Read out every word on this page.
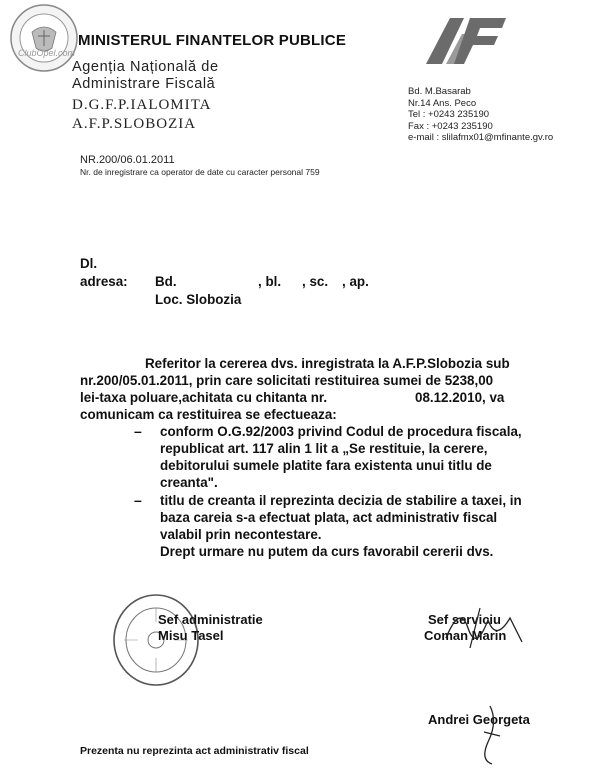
ClubOpel.com
MINISTERUL FINANTELOR PUBLICE
Agenția Națională de
Administrare Fiscală
D.G.F.P.IALOMITA
A.F.P.SLOBOZIA
Bd. M.Basarab
Nr.14 Ans. Peco
Tel : +0243 235190
Fax : +0243 235190
e-mail : slilafmx01@mfinante.gv.ro
NR.200/06.01.2011
Nr. de inregistrare ca operator de date cu caracter personal 759
Dl.
adresa: Bd.	, bl. , sc. , ap.
Loc. Slobozia
Referitor la cererea dvs. inregistrata la A.F.P.Slobozia sub
nr.200/05.01.2011, prin care solicitati restituirea sumei de 5238,00
lei-taxa poluare,achitata cu chitanta nr.	08.12.2010, va
comunicam ca restituirea se efectueaza:
– conform O.G.92/2003 privind Codul de procedura fiscala,
republicat art. 117 alin 1 lit a „Se restituie, la cerere,
debitorului sumele platite fara existenta unui titlu de
creanta".
– titlu de creanta il reprezinta decizia de stabilire a taxei, in
baza careia s-a efectuat plata, act administrativ fiscal
valabil prin necontestare.
Drept urmare nu putem da curs favorabil cererii dvs.
Sef administratie
Misu Tasel
Sef serviciu
Coman Marin
Andrei Georgeta
Prezenta nu reprezinta act administrativ fiscal
